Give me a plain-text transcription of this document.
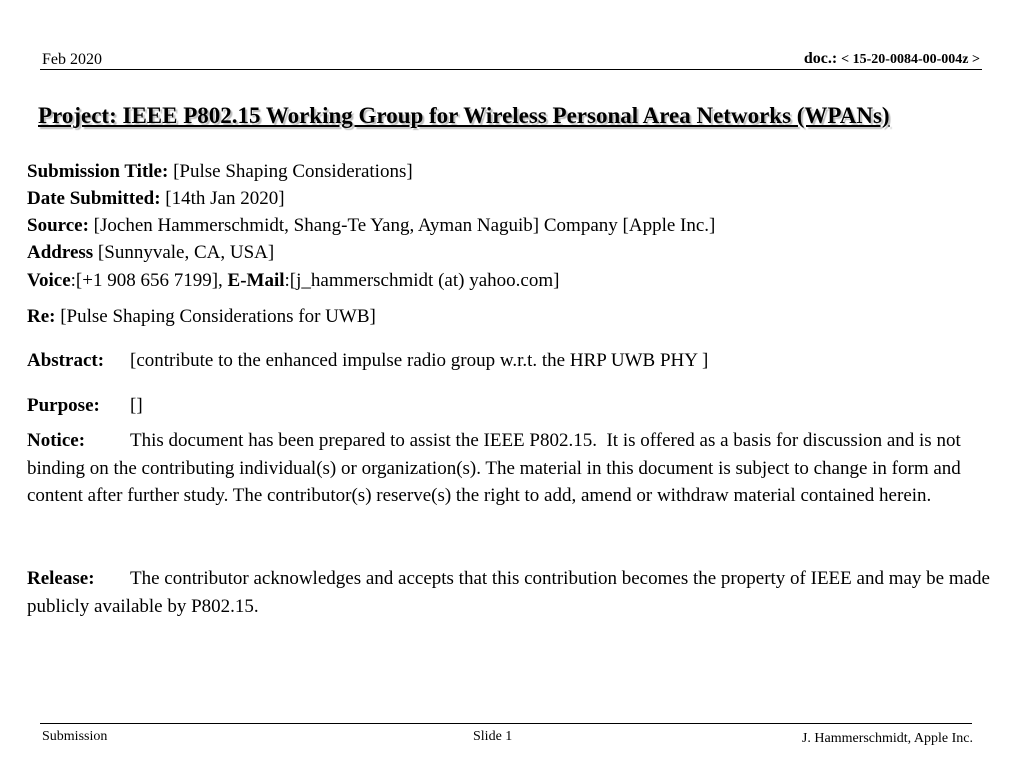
Feb 2020	doc.: < 15-20-0084-00-004z >
Project: IEEE P802.15 Working Group for Wireless Personal Area Networks (WPANs)
Submission Title: [Pulse Shaping Considerations]
Date Submitted: [14th Jan 2020]
Source: [Jochen Hammerschmidt, Shang-Te Yang, Ayman Naguib] Company [Apple Inc.]
Address [Sunnyvale, CA, USA]
Voice:[+1 908 656 7199], E-Mail:[j_hammerschmidt (at) yahoo.com]
Re: [Pulse Shaping Considerations for UWB]
Abstract: [contribute to the enhanced impulse radio group w.r.t. the HRP UWB PHY ]
Purpose: []
Notice: This document has been prepared to assist the IEEE P802.15.  It is offered as a basis for discussion and is not binding on the contributing individual(s) or organization(s). The material in this document is subject to change in form and content after further study. The contributor(s) reserve(s) the right to add, amend or withdraw material contained herein.
Release: The contributor acknowledges and accepts that this contribution becomes the property of IEEE and may be made publicly available by P802.15.
Submission	Slide 1	J. Hammerschmidt, Apple Inc.
